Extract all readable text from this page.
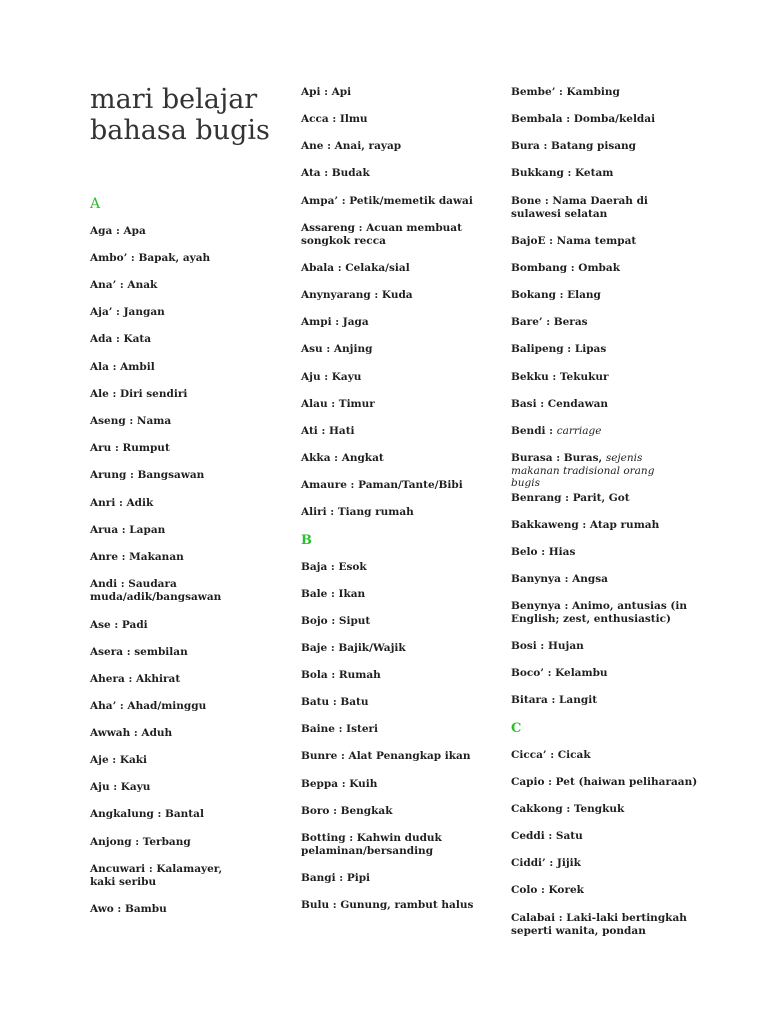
mari belajar bahasa bugis
A
Aga : Apa
Ambo’ : Bapak, ayah
Ana’ : Anak
Aja’ : Jangan
Ada : Kata
Ala : Ambil
Ale : Diri sendiri
Aseng : Nama
Aru : Rumput
Arung : Bangsawan
Anri : Adik
Arua : Lapan
Anre : Makanan
Andi : Saudara muda/adik/bangsawan
Ase : Padi
Asera : sembilan
Ahera : Akhirat
Aha’ : Ahad/minggu
Awwah : Aduh
Aje : Kaki
Aju : Kayu
Angkalung : Bantal
Anjong : Terbang
Ancuwari : Kalamayer, kaki seribu
Awo : Bambu
Api : Api
Acca : Ilmu
Ane : Anai, rayap
Ata : Budak
Ampa’ : Petik/memetik dawai
Assareng : Acuan membuat songkok recca
Abala : Celaka/sial
Anynyarang : Kuda
Ampi : Jaga
Asu : Anjing
Aju : Kayu
Alau : Timur
Ati : Hati
Akka : Angkat
Amaure : Paman/Tante/Bibi
Aliri : Tiang rumah
B
Baja : Esok
Bale : Ikan
Bojo : Siput
Baje : Bajik/Wajik
Bola : Rumah
Batu : Batu
Baine : Isteri
Bunre : Alat Penangkap ikan
Beppa : Kuih
Boro : Bengkak
Botting : Kahwin duduk pelaminan/bersanding
Bangi : Pipi
Bulu : Gunung, rambut halus
Bembe’ : Kambing
Bembala : Domba/keldai
Bura : Batang pisang
Bukkang : Ketam
Bone : Nama Daerah di sulawesi selatan
BajoE : Nama tempat
Bombang : Ombak
Bokang : Elang
Bare’ : Beras
Balipeng : Lipas
Bekku : Tekukur
Basi : Cendawan
Bendi : carriage
Burasa : Buras, sejenis makanan tradisional orang bugis
Benrang : Parit, Got
Bakkaweng : Atap rumah
Belo : Hias
Banynya : Angsa
Benynya : Animo, antusias (in English; zest, enthusiastic)
Bosi : Hujan
Boco’ : Kelambu
Bitara : Langit
C
Cicca’ : Cicak
Capio : Pet (haiwan peliharaan)
Cakkong : Tengkuk
Ceddi : Satu
Ciddi’ : Jijik
Colo : Korek
Calabai : Laki-laki bertingkah seperti wanita, pondan
